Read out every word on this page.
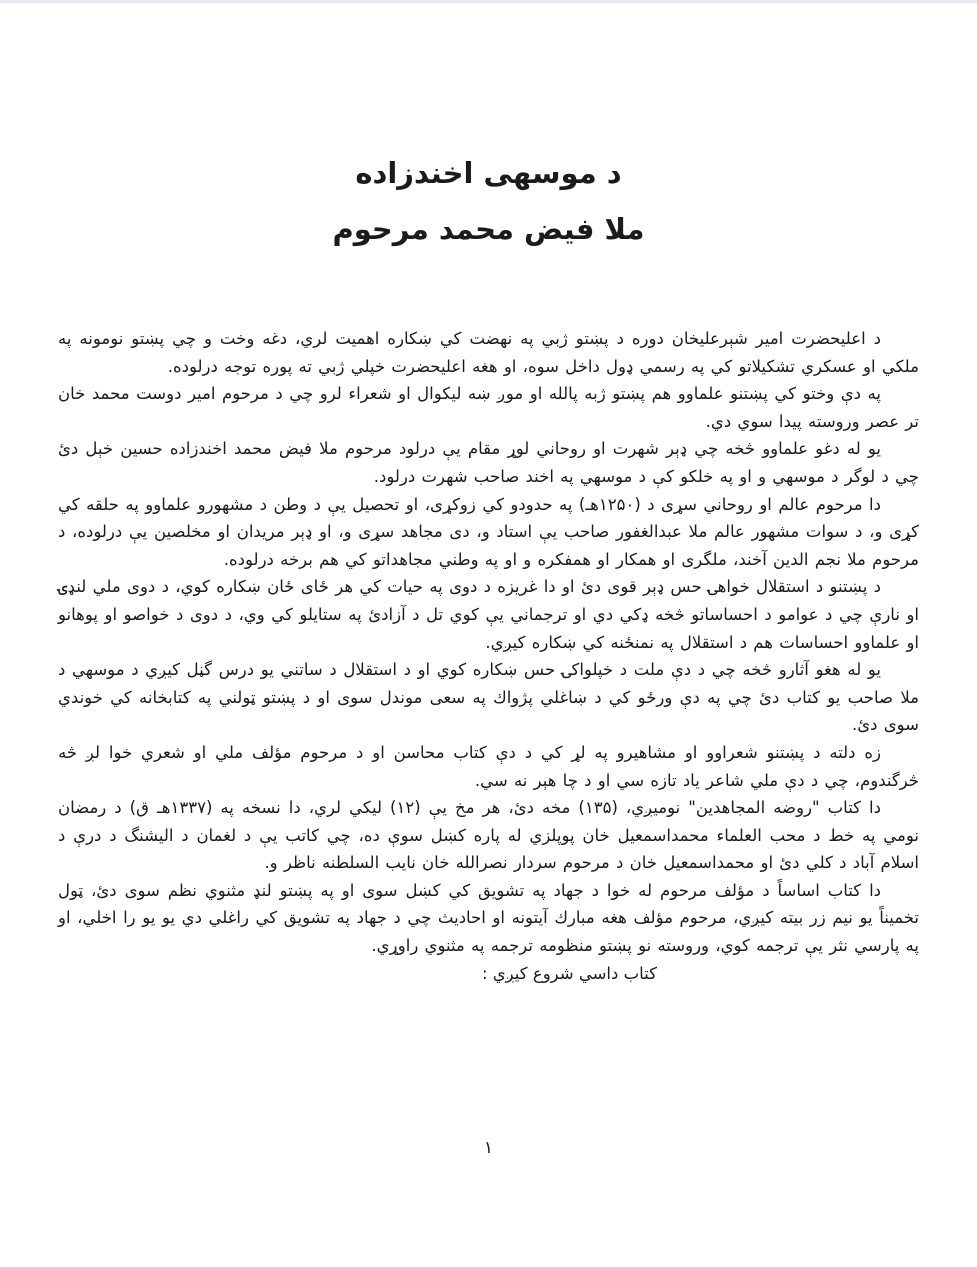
د موسهی اخندزاده
ملا فیض محمد مرحوم

د اعليحضرت امير شېرعليخان دوره د پښتو ژبي په نهضت كي ښكاره اهميت لري، دغه وخت و چي پښتو نومونه په ملكي او عسكري تشكيلاتو كي په رسمي ډول داخل سوه، او هغه اعليحضرت خپلي ژبي ته پوره توجه درلوده.

په دې وختو كي پښتنو علماوو هم پښتو ژبه پالله او موږ ښه ليكوال او شعراء لرو چي د مرحوم امير دوست محمد خان تر عصر وروسته پيدا سوي دي.

يو له دغو علماوو څخه چي ډېر شهرت او روحاني لوړ مقام يې درلود مرحوم ملا فيض محمد اخندزاده حسين خېل دئ چي د لوگر د موسهي و او په خلكو كې د موسهي په اخند صاحب شهرت درلود.

دا مرحوم عالم او روحاني سړی د (۱۲۵۰هـ) په حدودو كي زوكړی، او تحصيل يې د وطن د مشهورو علماوو په حلقه كي كړی و، د سوات مشهور عالم ملا عبدالغفور صاحب يې استاد و، دی مجاهد سړی و، او ډېر مريدان او مخلصين يې درلوده، د مرحوم ملا نجم الدين آخند، ملگری او همكار او همفكره و او په وطني مجاهداتو كي هم برخه درلوده.

د پښتنو د استقلال خواهۍ حس ډېر قوی دئ او دا غريزه د دوی په حيات كي هر ځای ځان ښكاره كوي، د دوی ملي لنډۍ او نارې چي د عوامو د احساساتو څخه ډكي دي او ترجماني يې كوي تل د آزادئ په ستايلو كي وي، د دوی د خواصو او پوهانو او علماوو احساسات هم د استقلال په نمنځنه كي ښكاره كيږي.

يو له هغو آثارو څخه چي د دې ملت د خپلواكۍ حس ښكاره كوي او د استقلال د ساتني يو درس گڼل كيږي د موسهي د ملا صاحب يو كتاب دئ چي په دې ورځو كي د ښاغلي پژواك په سعی موندل سوی او د پښتو ټولني په كتابخانه كي خوندي سوی دئ.

زه دلته د پښتنو شعراوو او مشاهيرو په لړ كي د دې كتاب محاسن او د مرحوم مؤلف ملي او شعري خوا لږ څه څرگندوم، چي د دې ملي شاعر ياد تازه سي او د چا هېر نه سي.

دا كتاب "روضه المجاهدين" نوميږي، (۱۳۵) مخه دئ، هر مخ يې (۱۲) ليكي لري، دا نسخه په (۱۳۳۷هـ ق) د رمضان نومي په خط د محب العلماء محمداسمعيل خان پوپلزي له پاره كښل سوې ده، چي كاتب يې د لغمان د اليشنگ د درې د اسلام آباد د كلي دئ او محمداسمعيل خان د مرحوم سردار نصرالله خان نايب السلطنه ناظر و.

دا كتاب اساساً د مؤلف مرحوم له خوا د جهاد په تشويق كي كښل سوی او په پښتو لنډ مثنوي نظم سوی دئ، ټول تخميناً يو نيم زر بيته كيږي، مرحوم مؤلف هغه مبارك آيتونه او احاديث چي د جهاد په تشويق كي راغلي دي يو يو را اخلي، او په پارسي نثر يې ترجمه كوي، وروسته نو پښتو منظومه ترجمه په مثنوي راوړي.

كتاب داسي شروع كيږي :

۱
